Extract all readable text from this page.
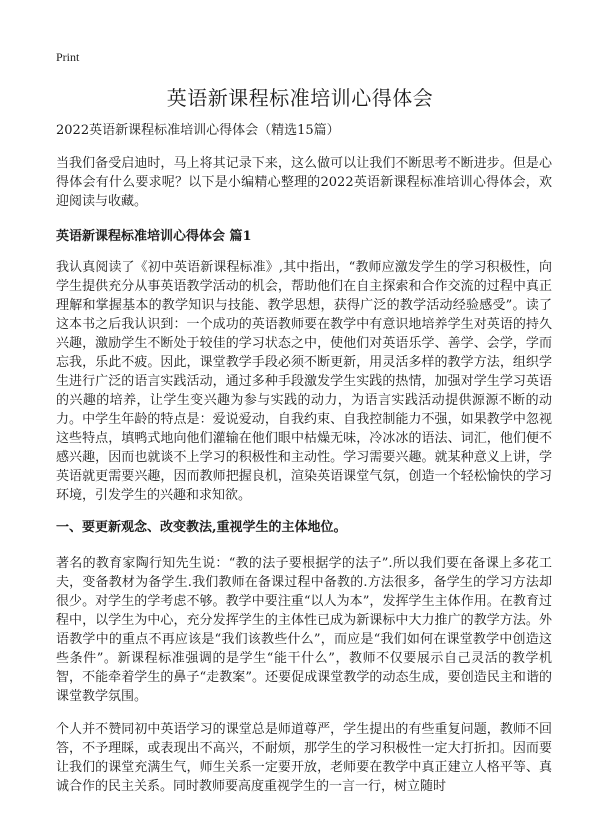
Print
英语新课程标准培训心得体会
2022英语新课程标准培训心得体会（精选15篇）

当我们备受启迪时，马上将其记录下来，这么做可以让我们不断思考不断进步。但是心得体会有什么要求呢？以下是小编精心整理的2022英语新课程标准培训心得体会，欢迎阅读与收藏。

英语新课程标准培训心得体会 篇1

我认真阅读了《初中英语新课程标准》,其中指出，“教师应激发学生的学习积极性，向学生提供充分从事英语教学活动的机会，帮助他们在自主探索和合作交流的过程中真正理解和掌握基本的教学知识与技能、教学思想，获得广泛的教学活动经验感受”。读了这本书之后我认识到：一个成功的英语教师要在教学中有意识地培养学生对英语的持久兴趣，激励学生不断处于较佳的学习状态之中，使他们对英语乐学、善学、会学，学而忘我，乐此不疲。因此，课堂教学手段必须不断更新，用灵活多样的教学方法，组织学生进行广泛的语言实践活动，通过多种手段激发学生实践的热情，加强对学生学习英语的兴趣的培养，让学生变兴趣为参与实践的动力，为语言实践活动提供源源不断的动力。中学生年龄的特点是：爱说爱动，自我约束、自我控制能力不强，如果教学中忽视这些特点，填鸭式地向他们灌输在他们眼中枯燥无味，冷冰冰的语法、词汇，他们便不感兴趣，因而也就谈不上学习的积极性和主动性。学习需要兴趣。就某种意义上讲，学英语就更需要兴趣，因而教师把握良机，渲染英语课堂气氛，创造一个轻松愉快的学习环境，引发学生的兴趣和求知欲。

一、要更新观念、改变教法,重视学生的主体地位。

著名的教育家陶行知先生说：“教的法子要根据学的法子”.所以我们要在备课上多花工夫，变备教材为备学生.我们教师在备课过程中备教的.方法很多，备学生的学习方法却很少。对学生的学考虑不够。教学中要注重“以人为本”，发挥学生主体作用。在教育过程中，以学生为中心，充分发挥学生的主体性已成为新课标中大力推广的教学方法。外语教学中的重点不再应该是“我们该教些什么”，而应是“我们如何在课堂教学中创造这些条件”。新课程标准强调的是学生“能干什么”，教师不仅要展示自己灵活的教学机智，不能牵着学生的鼻子“走教案”。还要促成课堂教学的动态生成，要创造民主和谐的课堂教学氛围。

个人并不赞同初中英语学习的课堂总是师道尊严，学生提出的有些重复问题，教师不回答，不予理睬，或表现出不高兴，不耐烦，那学生的学习积极性一定大打折扣。因而要让我们的课堂充满生气，师生关系一定要开放，老师要在教学中真正建立人格平等、真诚合作的民主关系。同时教师要高度重视学生的一言一行，树立随时
